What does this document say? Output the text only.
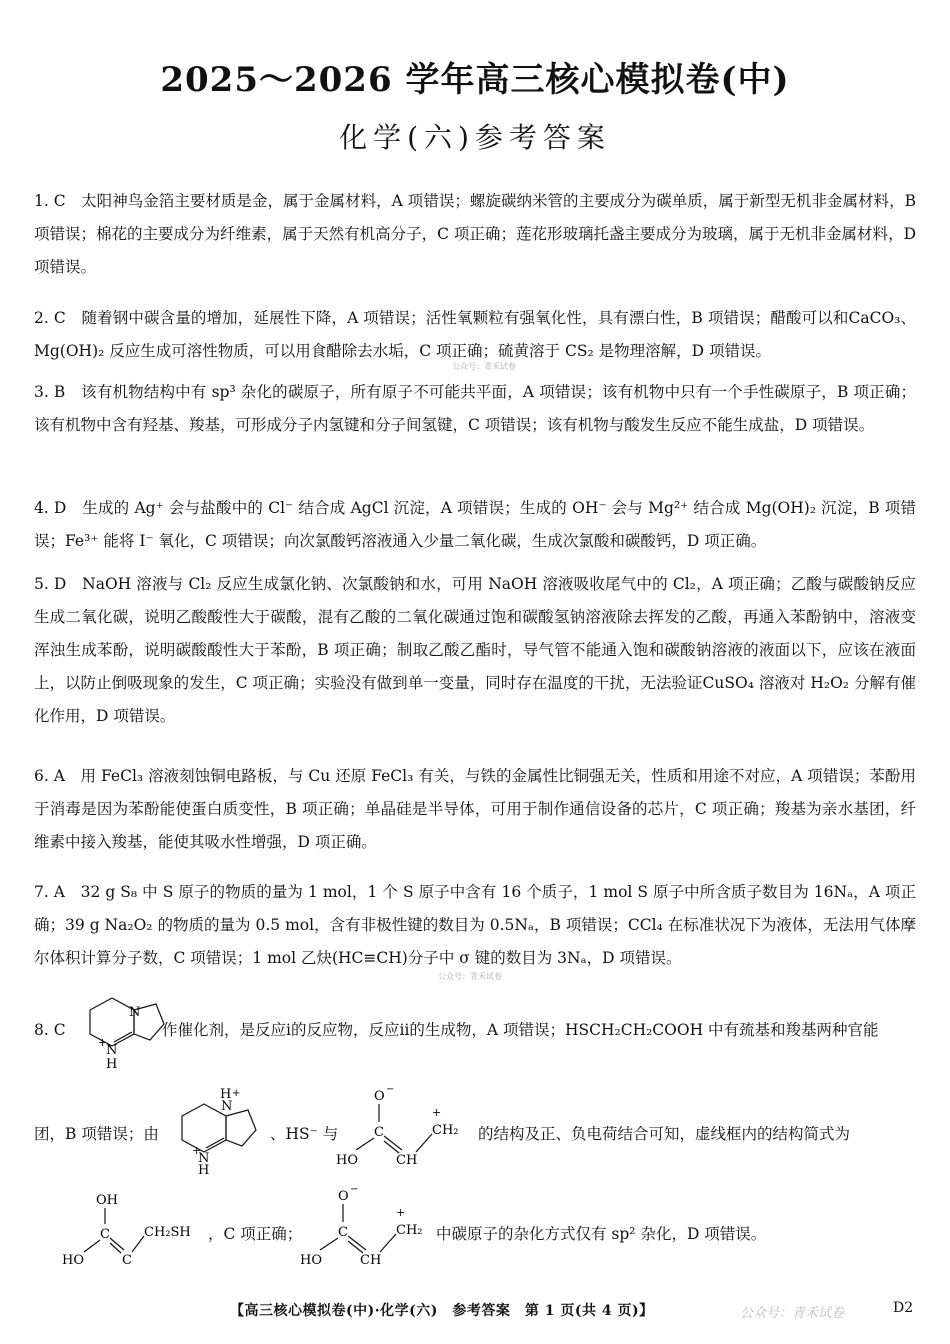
2025～2026 学年高三核心模拟卷(中)
化学(六)参考答案
1. C　太阳神鸟金箔主要材质是金，属于金属材料，A 项错误；螺旋碳纳米管的主要成分为碳单质，属于新型无机非金属材料，B 项错误；棉花的主要成分为纤维素，属于天然有机高分子，C 项正确；莲花形玻璃托盏主要成分为玻璃，属于无机非金属材料，D 项错误。
2. C　随着钢中碳含量的增加，延展性下降，A 项错误；活性氧颗粒有强氧化性，具有漂白性，B 项错误；醋酸可以和CaCO₃、Mg(OH)₂ 反应生成可溶性物质，可以用食醋除去水垢，C 项正确；硫黄溶于 CS₂ 是物理溶解，D 项错误。
公众号：青禾试卷
3. B　该有机物结构中有 sp³ 杂化的碳原子，所有原子不可能共平面，A 项错误；该有机物中只有一个手性碳原子，B 项正确；该有机物中含有羟基、羧基，可形成分子内氢键和分子间氢键，C 项错误；该有机物与酸发生反应不能生成盐，D 项错误。
4. D　生成的 Ag⁺ 会与盐酸中的 Cl⁻ 结合成 AgCl 沉淀，A 项错误；生成的 OH⁻ 会与 Mg²⁺ 结合成 Mg(OH)₂ 沉淀，B 项错误；Fe³⁺ 能将 I⁻ 氧化，C 项错误；向次氯酸钙溶液通入少量二氧化碳，生成次氯酸和碳酸钙，D 项正确。
5. D　NaOH 溶液与 Cl₂ 反应生成氯化钠、次氯酸钠和水，可用 NaOH 溶液吸收尾气中的 Cl₂，A 项正确；乙酸与碳酸钠反应生成二氧化碳，说明乙酸酸性大于碳酸，混有乙酸的二氧化碳通过饱和碳酸氢钠溶液除去挥发的乙酸，再通入苯酚钠中，溶液变浑浊生成苯酚，说明碳酸酸性大于苯酚，B 项正确；制取乙酸乙酯时，导气管不能通入饱和碳酸钠溶液的液面以下，应该在液面上，以防止倒吸现象的发生，C 项正确；实验没有做到单一变量，同时存在温度的干扰，无法验证CuSO₄ 溶液对 H₂O₂ 分解有催化作用，D 项错误。
6. A　用 FeCl₃ 溶液刻蚀铜电路板，与 Cu 还原 FeCl₃ 有关，与铁的金属性比铜强无关，性质和用途不对应，A 项错误；苯酚用于消毒是因为苯酚能使蛋白质变性，B 项正确；单晶硅是半导体，可用于制作通信设备的芯片，C 项正确；羧基为亲水基团，纤维素中接入羧基，能使其吸水性增强，D 项正确。
7. A　32 g S₈ 中 S 原子的物质的量为 1 mol，1 个 S 原子中含有 16 个质子，1 mol S 原子中所含质子数目为 16Nₐ，A 项正确；39 g Na₂O₂ 的物质的量为 0.5 mol，含有非极性键的数目为 0.5Nₐ，B 项错误；CCl₄ 在标准状况下为液体，无法用气体摩尔体积计算分子数，C 项错误；1 mol 乙炔(HC≡CH)分子中 σ 键的数目为 3Nₐ，D 项错误。
公众号：青禾试卷
8. C
N
N
H
+
作催化剂，是反应ⅰ的反应物，反应ⅱ的生成物，A 项错误；HSCH₂CH₂COOH 中有巯基和羧基两种官能
团，B 项错误；由
N
H +
N
H
+
、HS⁻ 与
O −
C
HO	CH
CH₂
+
的结构及正、负电荷结合可知，虚线框内的结构简式为
OH
C
HO	C
CH₂SH ，C 项正确；
O −
C
HO	CH
CH₂
+
中碳原子的杂化方式仅有 sp² 杂化，D 项错误。
【高三核心模拟卷(中)·化学(六)　参考答案　第 1 页(共 4 页)】	公众号：青禾试卷	D2
